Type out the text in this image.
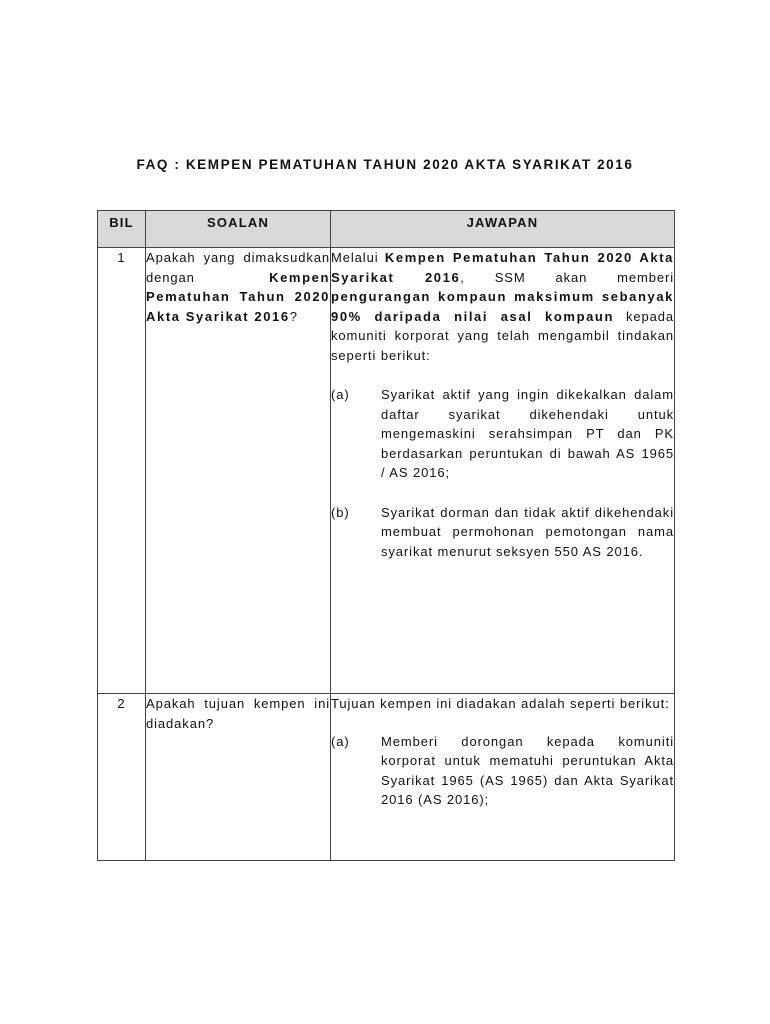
FAQ : KEMPEN PEMATUHAN TAHUN 2020 AKTA SYARIKAT 2016
BIL	SOALAN	JAWAPAN
1	Apakah yang dimaksudkan dengan Kempen Pematuhan Tahun 2020 Akta Syarikat 2016?	Melalui Kempen Pematuhan Tahun 2020 Akta Syarikat 2016, SSM akan memberi pengurangan kompaun maksimum sebanyak 90% daripada nilai asal kompaun kepada komuniti korporat yang telah mengambil tindakan seperti berikut:

(a) Syarikat aktif yang ingin dikekalkan dalam daftar syarikat dikehendaki untuk mengemaskini serahsimpan PT dan PK berdasarkan peruntukan di bawah AS 1965 / AS 2016;
(b) Syarikat dorman dan tidak aktif dikehendaki membuat permohonan pemotongan nama syarikat menurut seksyen 550 AS 2016.

2	Apakah tujuan kempen ini diadakan?	Tujuan kempen ini diadakan adalah seperti berikut:

(a) Memberi dorongan kepada komuniti korporat untuk mematuhi peruntukan Akta Syarikat 1965 (AS 1965) dan Akta Syarikat 2016 (AS 2016);
